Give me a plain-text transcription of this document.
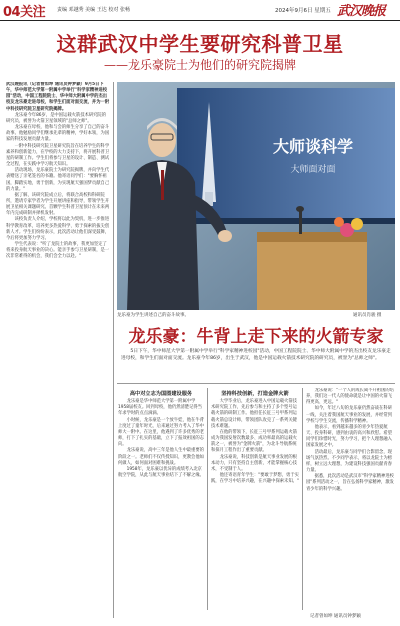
04关注 责编 邓越秀 美编 王达 校对 张畅	2024年9月6日 星期五 武汉晚报
这群武汉中学生要研究科普卫星
——龙乐豪院士为他们的研究院揭牌

武汉晚报讯（记者曾如坤 通讯员钟梦颖）9月5日下午，华中师范大学第一附属中学举行"科学家精神进校园"活动，中国工程院院士、华中师大附属中学的杰出校友龙乐豪走进母校，和学生们面对面交流，并为一附中科技研究院卫星研究院揭牌。

龙乐豪今年86岁，是中国运载火箭技术研究院的研究员，被誉为火箭卫星领域的"总师之师"。

龙乐豪在母校，他和与会的师生分享了自己的奋斗故事。他勉励同学们继承先辈的精神，学好本领，为国家的科技发展贡献力量。

一附中科技研究院卫星研究院旨在培养学生的科学素养和创新能力，在学校的大力支持下，将开展科普卫星的研制工作。学生们将参与卫星的设计、制造、测试全过程，在实践中学习航天知识。

活动现场，龙乐豪院士为研究院揭牌，并向学生代表赠送了亲笔签名的书籍。他寄语同学们："要胸怀祖国，脚踏实地，勇于创新，为实现航天强国梦贡献自己的力量。"

据了解，该研究院成立后，将联合高校和科研院所，邀请专家学者为学生开展讲座和指导，带领学生开展卫星相关课题研究。首颗学生科普卫星预计在未来两年内完成研制并择机发射。

该校负责人介绍，学校将以此为契机，进一步推进科学教育改革，培养更多热爱科学、勇于探索的拔尖创新人才。学生们纷纷表示，此次活动让他们深受鼓舞，今后将更加努力学习。

学生代表说："听了龙院士的故事，我更加坚定了将来投身航天事业的决心。能亲手参与卫星研制，是一次非常难得的机会，我们会全力以赴。"

大师谈科学
大师面对面
龙乐豪为学生讲述自己的奋斗故事。	通讯员肖骏 摄
龙乐豪：牛背上走下来的火箭专家
5日下午，华中师范大学第一附属中学举行"科学家精神进校园"活动，中国工程院院士、华中师大附属中学的杰出校友龙乐豪走进母校，和学生们面对面交流。龙乐豪今年86岁，出生于武汉，他是中国运载火箭技术研究院的研究员，被誉为"总师之师"。
高中对立志为国图建设服务

龙乐豪是华中师范大学第一附属中学1958届校友。回到母校，他仍然清楚记得当年求学时的点点滴滴。

小时候，龙乐豪是一个放牛娃，他在牛背上度过了童年时光，后来通过努力考入了华中师大一附中。在这里，他遇到了许多优秀的老师，打下了扎实的基础，立下了报效祖国的志向。

龙乐豪说，高中三年是他人生中最重要的阶段之一。老师们不仅传授知识，更教会他如何做人，如何面对困难和挑战。

1958年，龙乐豪以优异的成绩考入北京航空学院，从此与航天事业结下了不解之缘。

坚持科技创新，打造金牌火箭

大学毕业后，龙乐豪进入中国运载火箭技术研究院工作，先后参与和主持了多个型号运载火箭的研制工作。他担任长征三号甲系列运载火箭总设计师，带领团队攻克了一系列关键技术难题。

在他的带领下，长征三号甲系列运载火箭成为我国发射次数最多、成功率最高的运载火箭之一，被誉为"金牌火箭"，为北斗导航系统和探月工程作出了重要贡献。

龙乐豪说，科技创新是航天事业发展的根本动力，只有坚持自主创新，才能掌握核心技术，不受制于人。

他还寄语青年学生："要敢于梦想，勇于实践，在学习中培养兴趣，在兴趣中探索未知。"

龙乐豪说："一个人的成长离不开祖国的培养，我们这一代人的使命就是让中国的火箭飞得更高、更远。"

如今，年过八旬的龙乐豪仍然奋战在科研一线，关注着我国航天事业的发展，并经常到学校与学生交流，传播科学精神。

他表示，看到越来越多的青少年热爱航天、投身科研，感到由衷的高兴和欣慰。希望同学们珍惜时光，努力学习，把个人理想融入国家发展之中。

活动最后，龙乐豪与同学们合影留念，现场气氛热烈。不少同学表示，将以龙院士为榜样，树立远大理想，为建设科技强国贡献青春力量。

据悉，此次活动是武汉市"科学家精神进校园"系列活动之一，旨在弘扬科学家精神，激发青少年的科学兴趣。

记者曾如坤 通讯员钟梦颖
